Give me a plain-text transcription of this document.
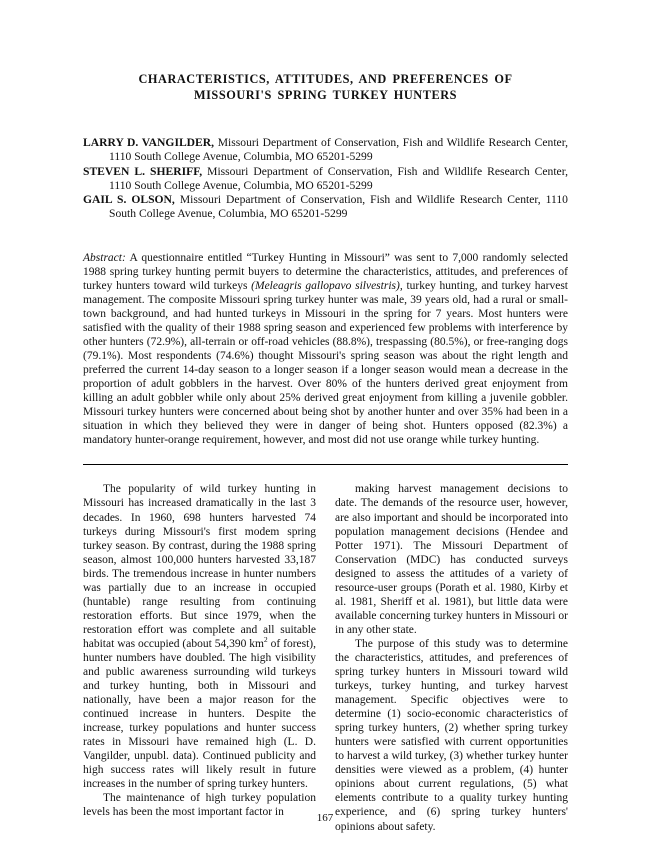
CHARACTERISTICS, ATTITUDES, AND PREFERENCES OF
MISSOURI'S SPRING TURKEY HUNTERS
LARRY D. VANGILDER, Missouri Department of Conservation, Fish and Wildlife Research Center, 1110 South College Avenue, Columbia, MO 65201-5299
STEVEN L. SHERIFF, Missouri Department of Conservation, Fish and Wildlife Research Center, 1110 South College Avenue, Columbia, MO 65201-5299
GAIL S. OLSON, Missouri Department of Conservation, Fish and Wildlife Research Center, 1110 South College Avenue, Columbia, MO 65201-5299
Abstract: A questionnaire entitled “Turkey Hunting in Missouri” was sent to 7,000 randomly selected 1988 spring turkey hunting permit buyers to determine the characteristics, attitudes, and preferences of turkey hunters toward wild turkeys (Meleagris gallopavo silvestris), turkey hunting, and turkey harvest management. The composite Missouri spring turkey hunter was male, 39 years old, had a rural or small-town background, and had hunted turkeys in Missouri in the spring for 7 years. Most hunters were satisfied with the quality of their 1988 spring season and experienced few problems with interference by other hunters (72.9%), all-terrain or off-road vehicles (88.8%), trespassing (80.5%), or free-ranging dogs (79.1%). Most respondents (74.6%) thought Missouri's spring season was about the right length and preferred the current 14-day season to a longer season if a longer season would mean a decrease in the proportion of adult gobblers in the harvest. Over 80% of the hunters derived great enjoyment from killing an adult gobbler while only about 25% derived great enjoyment from killing a juvenile gobbler. Missouri turkey hunters were concerned about being shot by another hunter and over 35% had been in a situation in which they believed they were in danger of being shot. Hunters opposed (82.3%) a mandatory hunter-orange requirement, however, and most did not use orange while turkey hunting.

The popularity of wild turkey hunting in Missouri has increased dramatically in the last 3 decades. In 1960, 698 hunters harvested 74 turkeys during Missouri's first modem spring turkey season. By contrast, during the 1988 spring season, almost 100,000 hunters harvested 33,187 birds. The tremendous increase in hunter numbers was partially due to an increase in occupied (huntable) range resulting from continuing restoration efforts. But since 1979, when the restoration effort was complete and all suitable habitat was occupied (about 54,390 $km^2$ of forest), hunter numbers have doubled. The high visibility and public awareness surrounding wild turkeys and turkey hunting, both in Missouri and nationally, have been a major reason for the continued increase in hunters. Despite the increase, turkey populations and hunter success rates in Missouri have remained high (L. D. Vangilder, unpubl. data). Continued publicity and high success rates will likely result in future increases in the number of spring turkey hunters.

The maintenance of high turkey population levels has been the most important factor in

making harvest management decisions to date. The demands of the resource user, however, are also important and should be incorporated into population management decisions (Hendee and Potter 1971). The Missouri Department of Conservation (MDC) has conducted surveys designed to assess the attitudes of a variety of resource-user groups (Porath et al. 1980, Kirby et al. 1981, Sheriff et al. 1981), but little data were available concerning turkey hunters in Missouri or in any other state.

The purpose of this study was to determine the characteristics, attitudes, and preferences of spring turkey hunters in Missouri toward wild turkeys, turkey hunting, and turkey harvest management. Specific objectives were to determine (1) socio-economic characteristics of spring turkey hunters, (2) whether spring turkey hunters were satisfied with current opportunities to harvest a wild turkey, (3) whether turkey hunter densities were viewed as a problem, (4) hunter opinions about current regulations, (5) what elements contribute to a quality turkey hunting experience, and (6) spring turkey hunters' opinions about safety.

167
